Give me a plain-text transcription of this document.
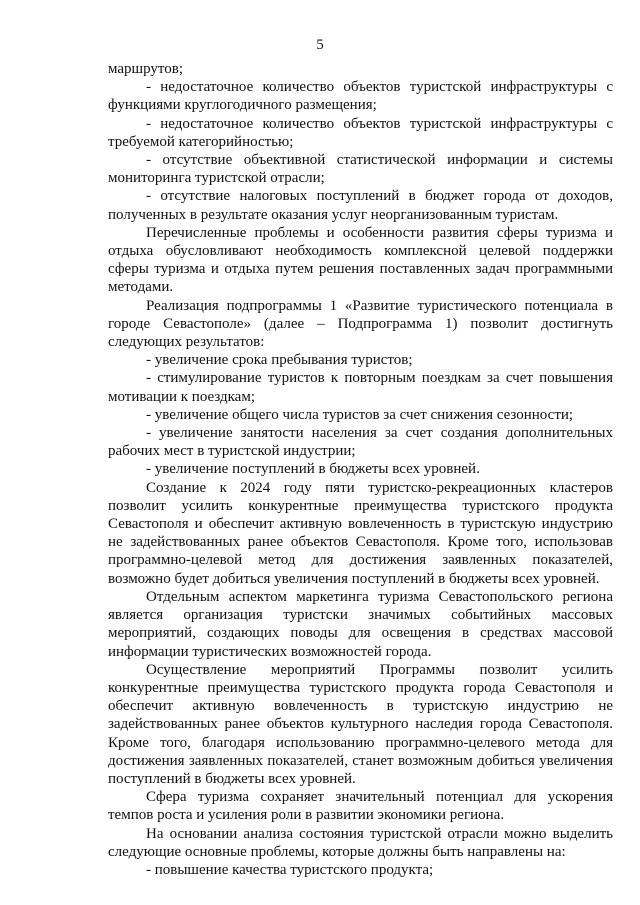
5

маршрутов;

- недостаточное количество объектов туристской инфраструктуры с функциями круглогодичного размещения;

- недостаточное количество объектов туристской инфраструктуры с требуемой категорийностью;

- отсутствие объективной статистической информации и системы мониторинга туристской отрасли;

- отсутствие налоговых поступлений в бюджет города от доходов, полученных в результате оказания услуг неорганизованным туристам.

Перечисленные проблемы и особенности развития сферы туризма и отдыха обусловливают необходимость комплексной целевой поддержки сферы туризма и отдыха путем решения поставленных задач программными методами.

Реализация подпрограммы 1 «Развитие туристического потенциала в городе Севастополе» (далее – Подпрограмма 1) позволит достигнуть следующих результатов:

- увеличение срока пребывания туристов;

- стимулирование туристов к повторным поездкам за счет повышения мотивации к поездкам;

- увеличение общего числа туристов за счет снижения сезонности;

- увеличение занятости населения за счет создания дополнительных рабочих мест в туристской индустрии;

- увеличение поступлений в бюджеты всех уровней.

Создание к 2024 году пяти туристско-рекреационных кластеров позволит усилить конкурентные преимущества туристского продукта Севастополя и обеспечит активную вовлеченность в туристскую индустрию не задействованных ранее объектов Севастополя. Кроме того, использовав программно-целевой метод для достижения заявленных показателей, возможно будет добиться увеличения поступлений в бюджеты всех уровней.

Отдельным аспектом маркетинга туризма Севастопольского региона является организация туристски значимых событийных массовых мероприятий, создающих поводы для освещения в средствах массовой информации туристических возможностей города.

Осуществление мероприятий Программы позволит усилить конкурентные преимущества туристского продукта города Севастополя и обеспечит активную вовлеченность в туристскую индустрию не задействованных ранее объектов культурного наследия города Севастополя. Кроме того, благодаря использованию программно-целевого метода для достижения заявленных показателей, станет возможным добиться увеличения поступлений в бюджеты всех уровней.

Сфера туризма сохраняет значительный потенциал для ускорения темпов роста и усиления роли в развитии экономики региона.

На основании анализа состояния туристской отрасли можно выделить следующие основные проблемы, которые должны быть направлены на:

- повышение качества туристского продукта;
